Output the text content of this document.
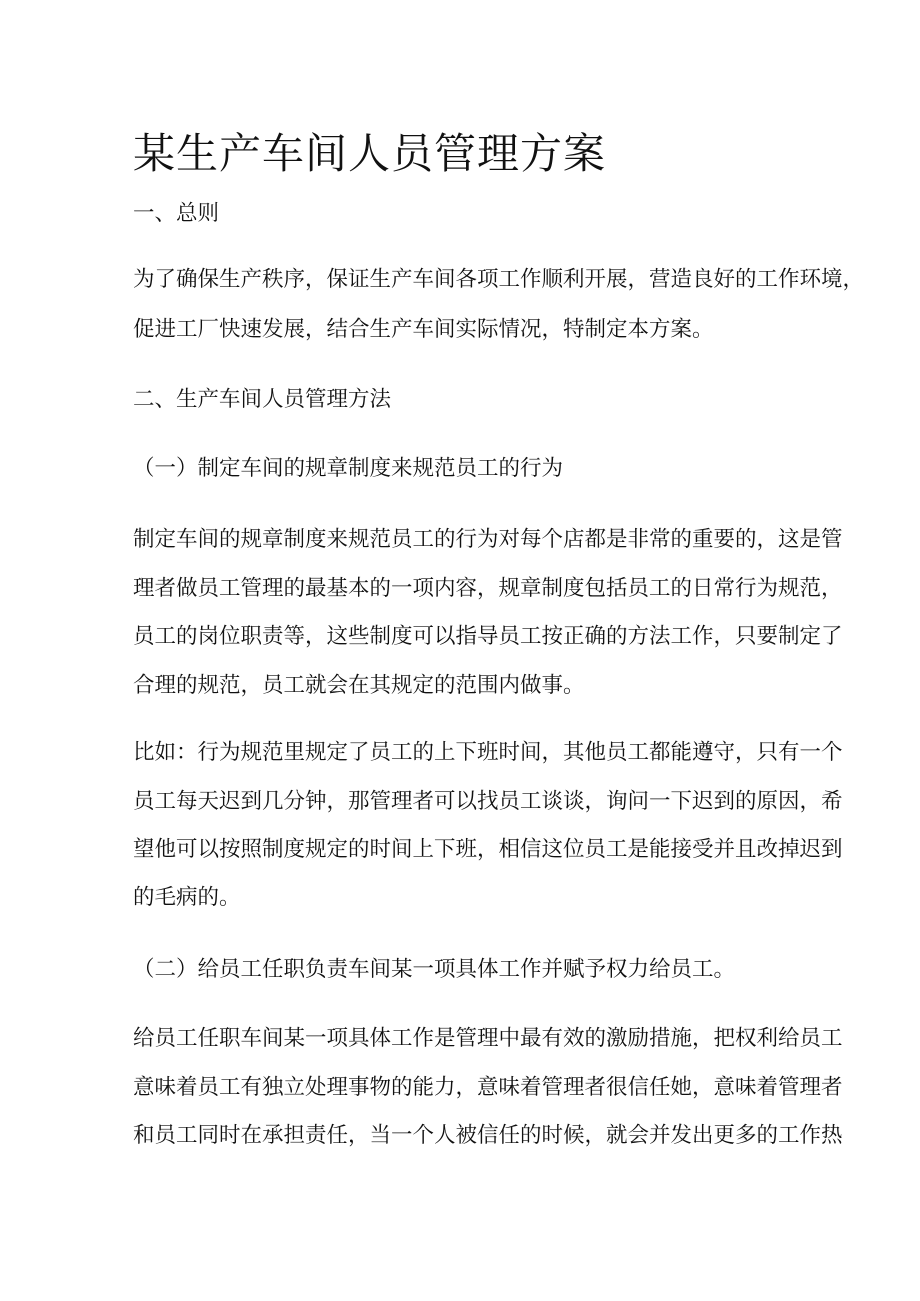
某生产车间人员管理方案

一、总则

为了确保生产秩序，保证生产车间各项工作顺利开展，营造良好的工作环境，

促进工厂快速发展，结合生产车间实际情况，特制定本方案。

二、生产车间人员管理方法

（一）制定车间的规章制度来规范员工的行为

制定车间的规章制度来规范员工的行为对每个店都是非常的重要的，这是管

理者做员工管理的最基本的一项内容，规章制度包括员工的日常行为规范，

员工的岗位职责等，这些制度可以指导员工按正确的方法工作，只要制定了

合理的规范，员工就会在其规定的范围内做事。

比如：行为规范里规定了员工的上下班时间，其他员工都能遵守，只有一个

员工每天迟到几分钟，那管理者可以找员工谈谈，询问一下迟到的原因，希

望他可以按照制度规定的时间上下班，相信这位员工是能接受并且改掉迟到

的毛病的。

（二）给员工任职负责车间某一项具体工作并赋予权力给员工。

给员工任职车间某一项具体工作是管理中最有效的激励措施，把权利给员工

意味着员工有独立处理事物的能力，意味着管理者很信任她，意味着管理者

和员工同时在承担责任，当一个人被信任的时候，就会并发出更多的工作热
